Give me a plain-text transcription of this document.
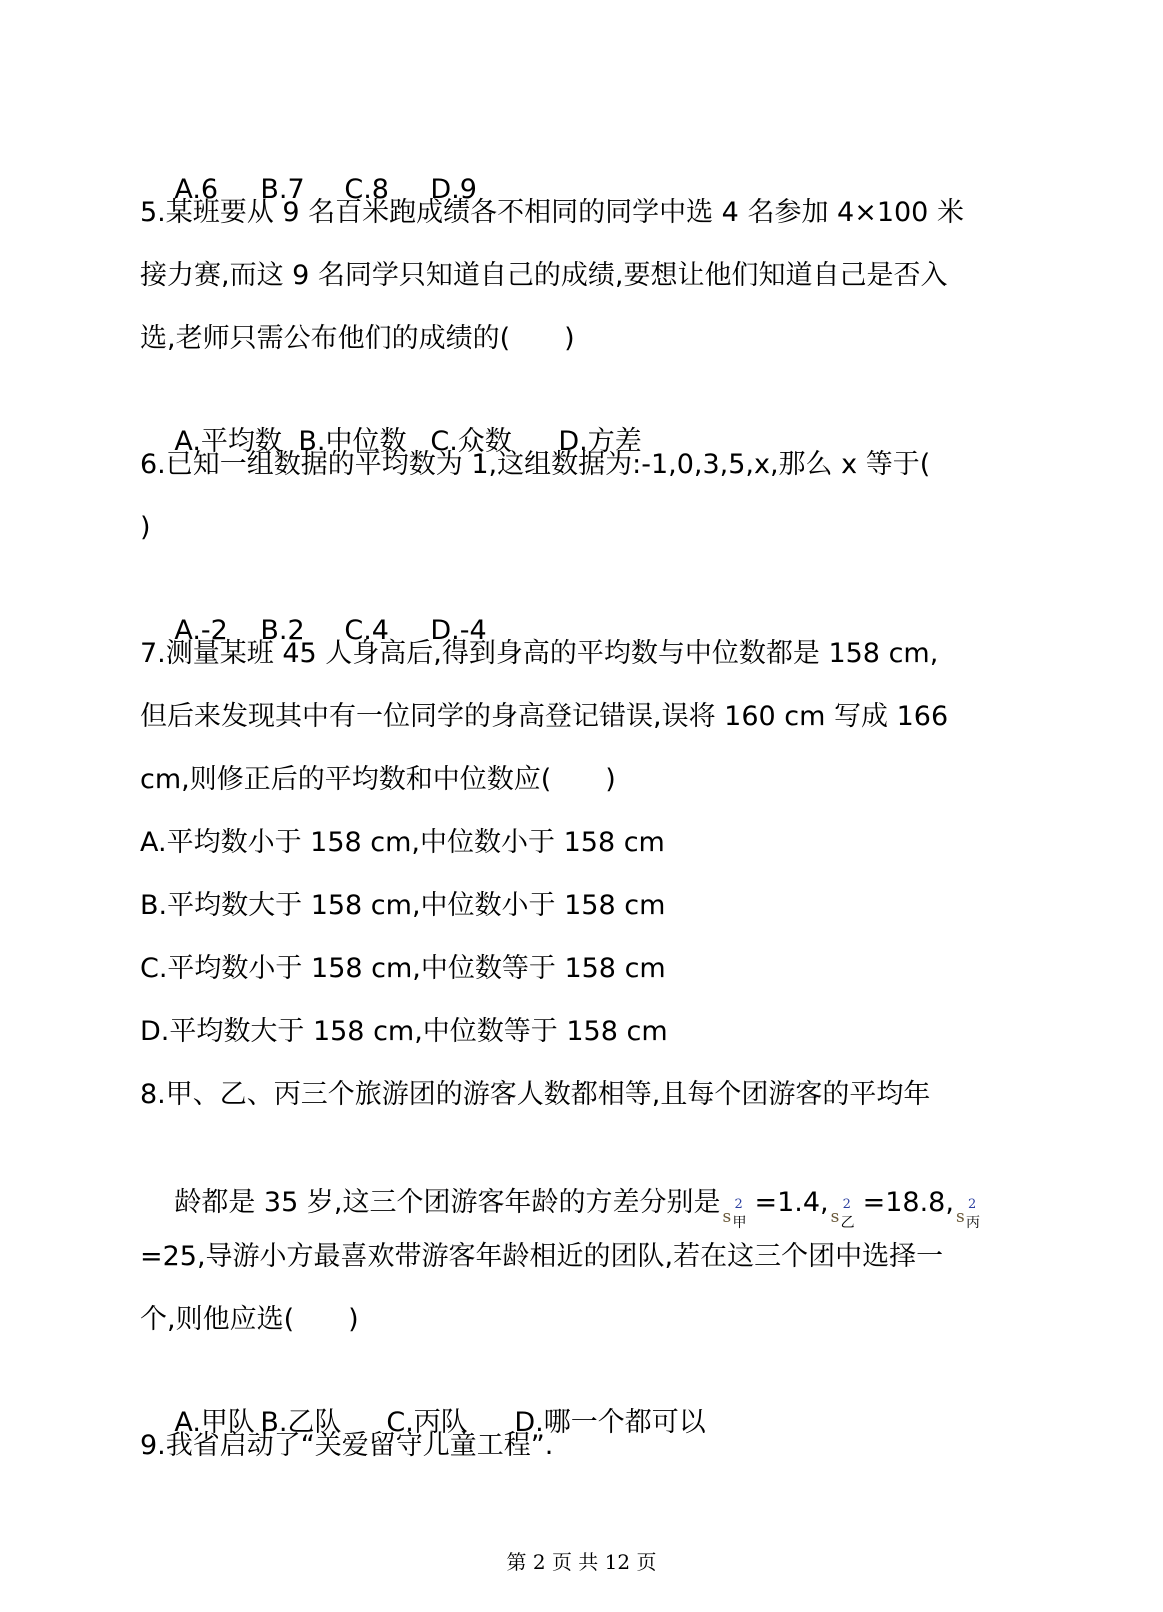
A.6 B.7 C.8 D.9

5.某班要从 9 名百米跑成绩各不相同的同学中选 4 名参加 4×100 米
接力赛,而这 9 名同学只知道自己的成绩,要想让他们知道自己是否入
选,老师只需公布他们的成绩的(　　)

A.平均数 B.中位数 C.众数 D.方差

6.已知一组数据的平均数为 1,这组数据为:-1,0,3,5,x,那么 x 等于(
)

A.-2 B.2 C.4 D.-4

7.测量某班 45 人身高后,得到身高的平均数与中位数都是 158 cm,
但后来发现其中有一位同学的身高登记错误,误将 160 cm 写成 166
cm,则修正后的平均数和中位数应(　　)
A.平均数小于 158 cm,中位数小于 158 cm
B.平均数大于 158 cm,中位数小于 158 cm
C.平均数小于 158 cm,中位数等于 158 cm
D.平均数大于 158 cm,中位数等于 158 cm
8.甲、乙、丙三个旅游团的游客人数都相等,且每个团游客的平均年

龄都是 35 岁,这三个团游客年龄的方差分别是 s
2
甲
=1.4, s
2
乙
=18.8, s
2
丙

=25,导游小方最喜欢带游客年龄相近的团队,若在这三个团中选择一
个,则他应选(　　)

A.甲队 B.乙队 C.丙队 D.哪一个都可以

9.我省启动了“关爱留守儿童工程”.
第 2 页 共 12 页
